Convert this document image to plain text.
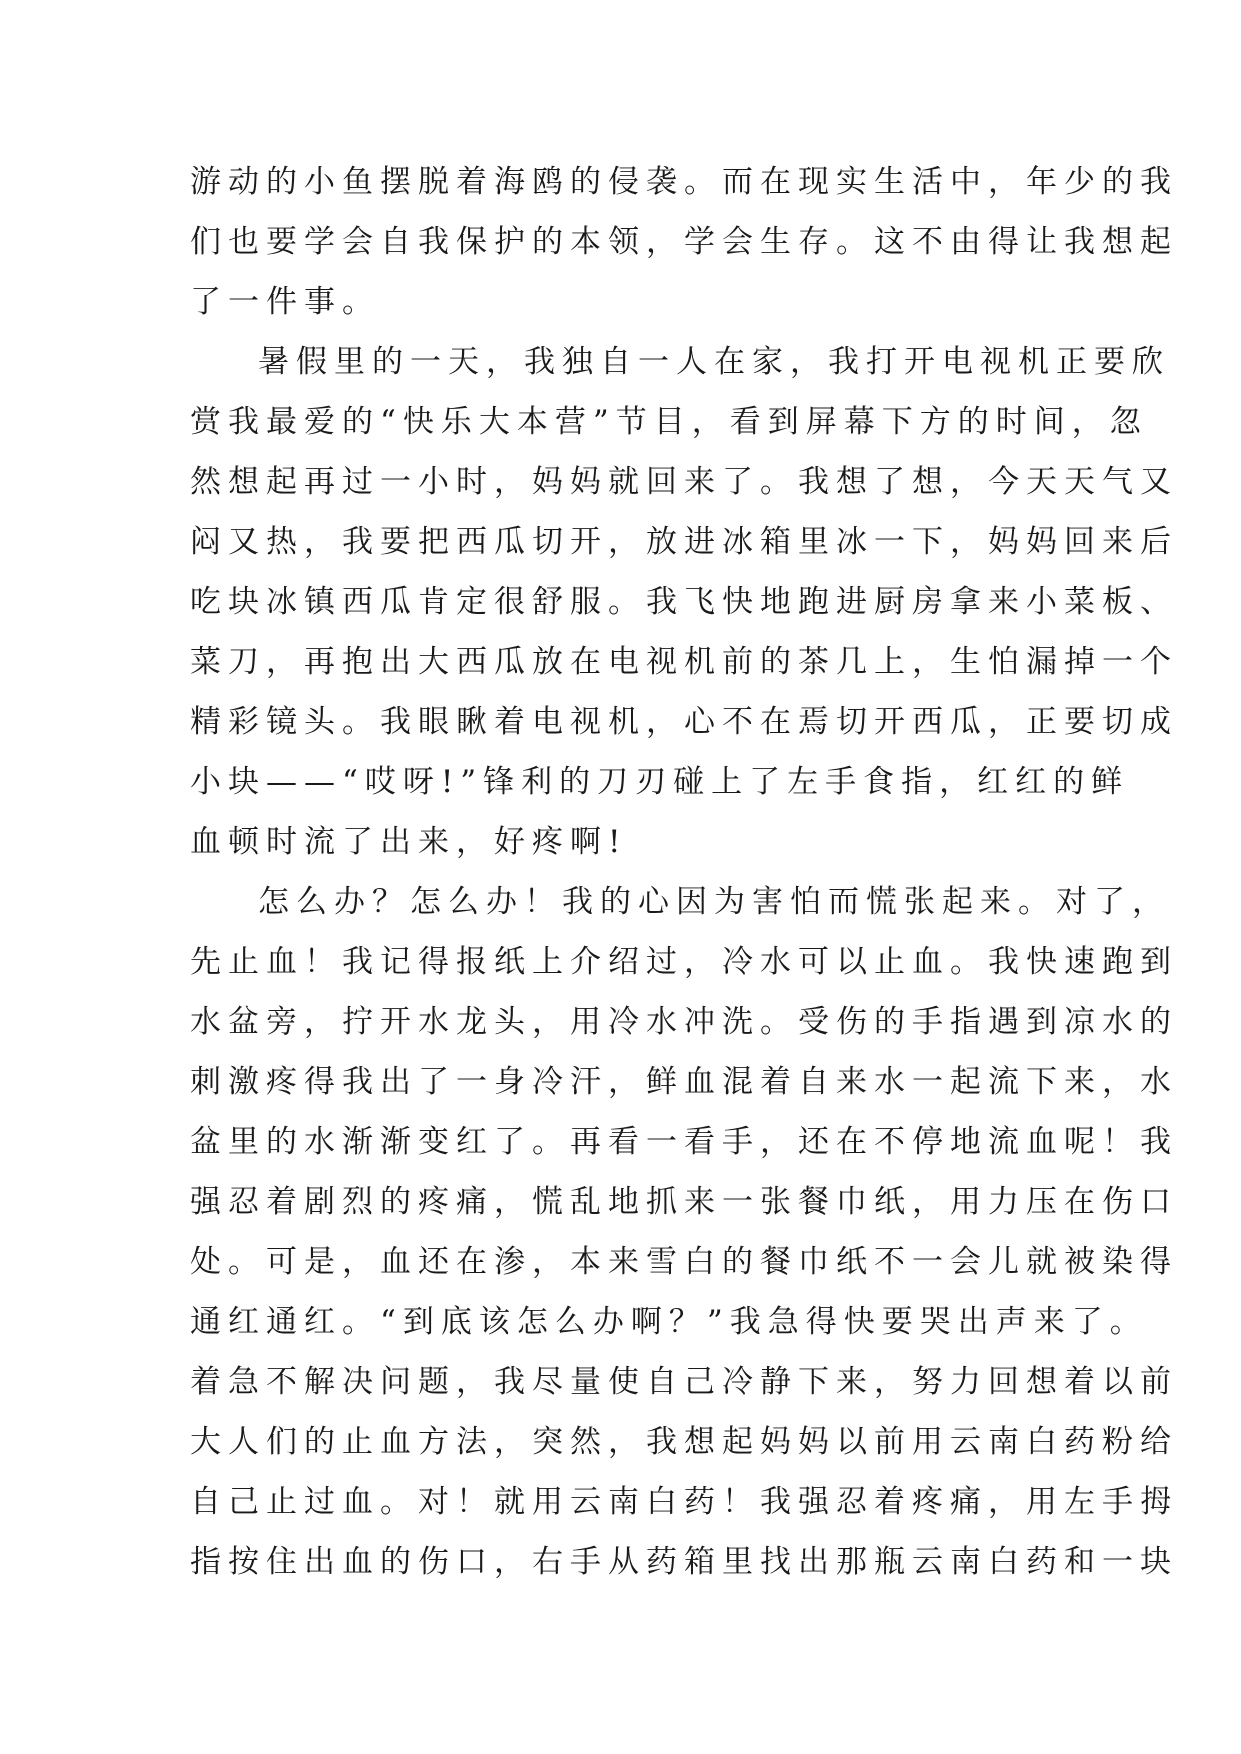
游动的小鱼摆脱着海鸥的侵袭。而在现实生活中，年少的我
们也要学会自我保护的本领，学会生存。这不由得让我想起
了一件事。
暑假里的一天，我独自一人在家，我打开电视机正要欣
赏我最爱的“快乐大本营”节目，看到屏幕下方的时间，忽
然想起再过一小时，妈妈就回来了。我想了想，今天天气又
闷又热，我要把西瓜切开，放进冰箱里冰一下，妈妈回来后
吃块冰镇西瓜肯定很舒服。我飞快地跑进厨房拿来小菜板、
菜刀，再抱出大西瓜放在电视机前的茶几上，生怕漏掉一个
精彩镜头。我眼瞅着电视机，心不在焉切开西瓜，正要切成
小块——“哎呀!”锋利的刀刃碰上了左手食指，红红的鲜
血顿时流了出来，好疼啊!
怎么办？怎么办！我的心因为害怕而慌张起来。对了，
先止血！我记得报纸上介绍过，冷水可以止血。我快速跑到
水盆旁，拧开水龙头，用冷水冲洗。受伤的手指遇到凉水的
刺激疼得我出了一身冷汗，鲜血混着自来水一起流下来，水
盆里的水渐渐变红了。再看一看手，还在不停地流血呢！我
强忍着剧烈的疼痛，慌乱地抓来一张餐巾纸，用力压在伤口
处。可是，血还在渗，本来雪白的餐巾纸不一会儿就被染得
通红通红。“到底该怎么办啊？”我急得快要哭出声来了。
着急不解决问题，我尽量使自己冷静下来，努力回想着以前
大人们的止血方法，突然，我想起妈妈以前用云南白药粉给
自己止过血。对！就用云南白药！我强忍着疼痛，用左手拇
指按住出血的伤口，右手从药箱里找出那瓶云南白药和一块
